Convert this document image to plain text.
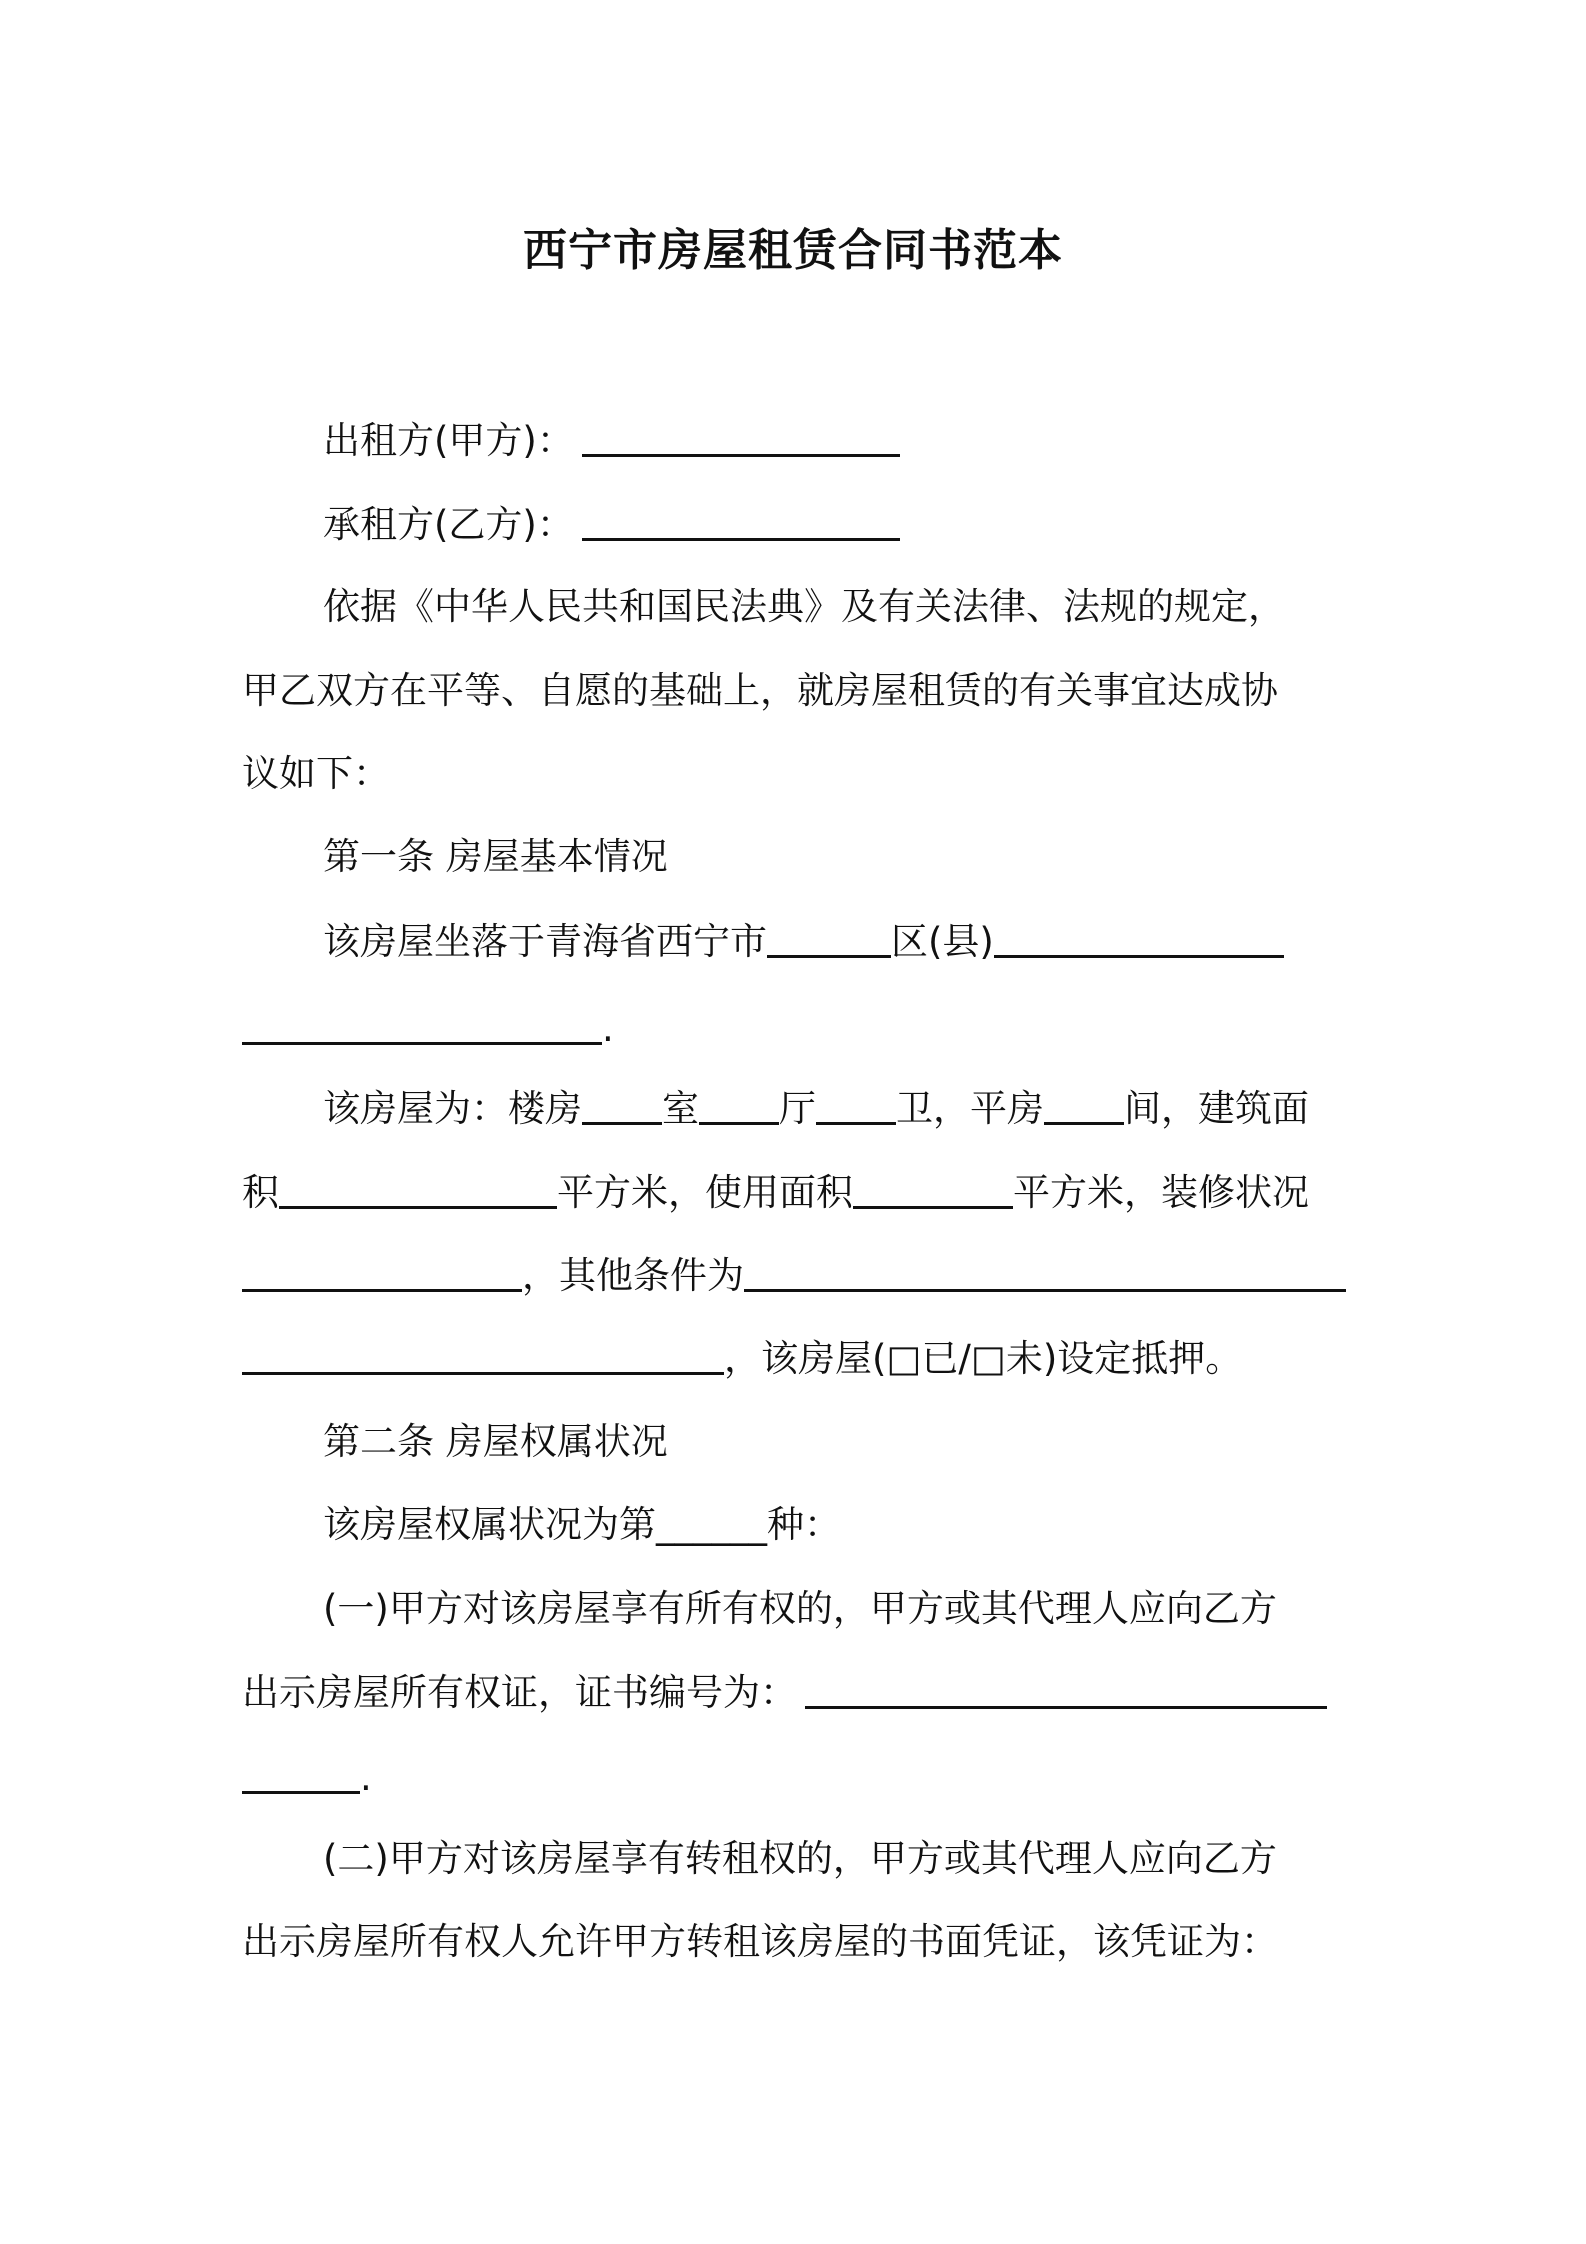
西宁市房屋租赁合同书范本
出租方(甲方)：
承租方(乙方)：
依据《中华人民共和国民法典》及有关法律、法规的规定，
甲乙双方在平等、自愿的基础上，就房屋租赁的有关事宜达成协
议如下：
第一条 房屋基本情况
该房屋坐落于青海省西宁市	区(县)
.
该房屋为：楼房 室 厅 卫，平房 间，建筑面
积	平方米，使用面积	平方米，装修状况
，其他条件为
，该房屋(□已/□未)设定抵押。
第二条 房屋权属状况
该房屋权属状况为第______种：
(一)甲方对该房屋享有所有权的，甲方或其代理人应向乙方
出示房屋所有权证，证书编号为：
.
(二)甲方对该房屋享有转租权的，甲方或其代理人应向乙方
出示房屋所有权人允许甲方转租该房屋的书面凭证，该凭证为：
